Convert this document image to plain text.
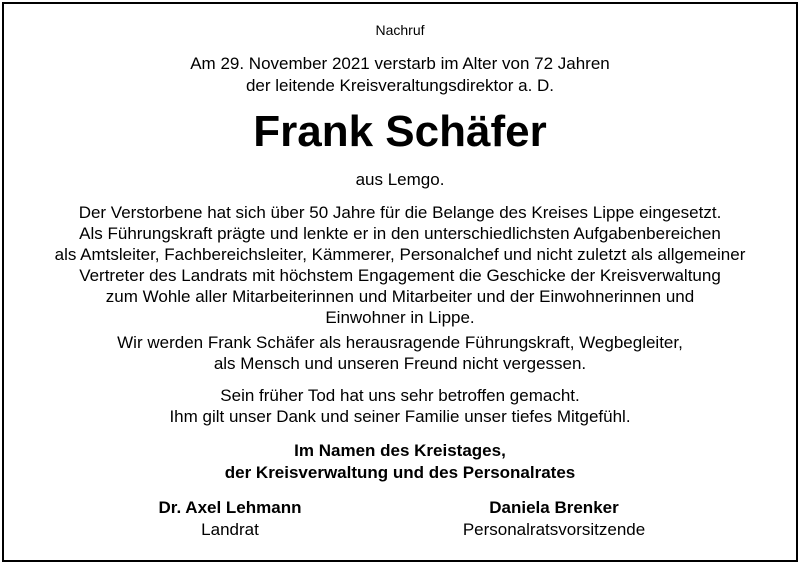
Nachruf
Am 29. November 2021 verstarb im Alter von 72 Jahren
der leitende Kreisveraltungsdirektor a. D.
Frank Schäfer
aus Lemgo.
Der Verstorbene hat sich über 50 Jahre für die Belange des Kreises Lippe eingesetzt.
Als Führungskraft prägte und lenkte er in den unterschiedlichsten Aufgabenbereichen
als Amtsleiter, Fachbereichsleiter, Kämmerer, Personalchef und nicht zuletzt als allgemeiner
Vertreter des Landrats mit höchstem Engagement die Geschicke der Kreisverwaltung
zum Wohle aller Mitarbeiterinnen und Mitarbeiter und der Einwohnerinnen und
Einwohner in Lippe.
Wir werden Frank Schäfer als herausragende Führungskraft, Wegbegleiter,
als Mensch und unseren Freund nicht vergessen.
Sein früher Tod hat uns sehr betroffen gemacht.
Ihm gilt unser Dank und seiner Familie unser tiefes Mitgefühl.
Im Namen des Kreistages,
der Kreisverwaltung und des Personalrates
Dr. Axel Lehmann
Landrat
Daniela Brenker
Personalratsvorsitzende
